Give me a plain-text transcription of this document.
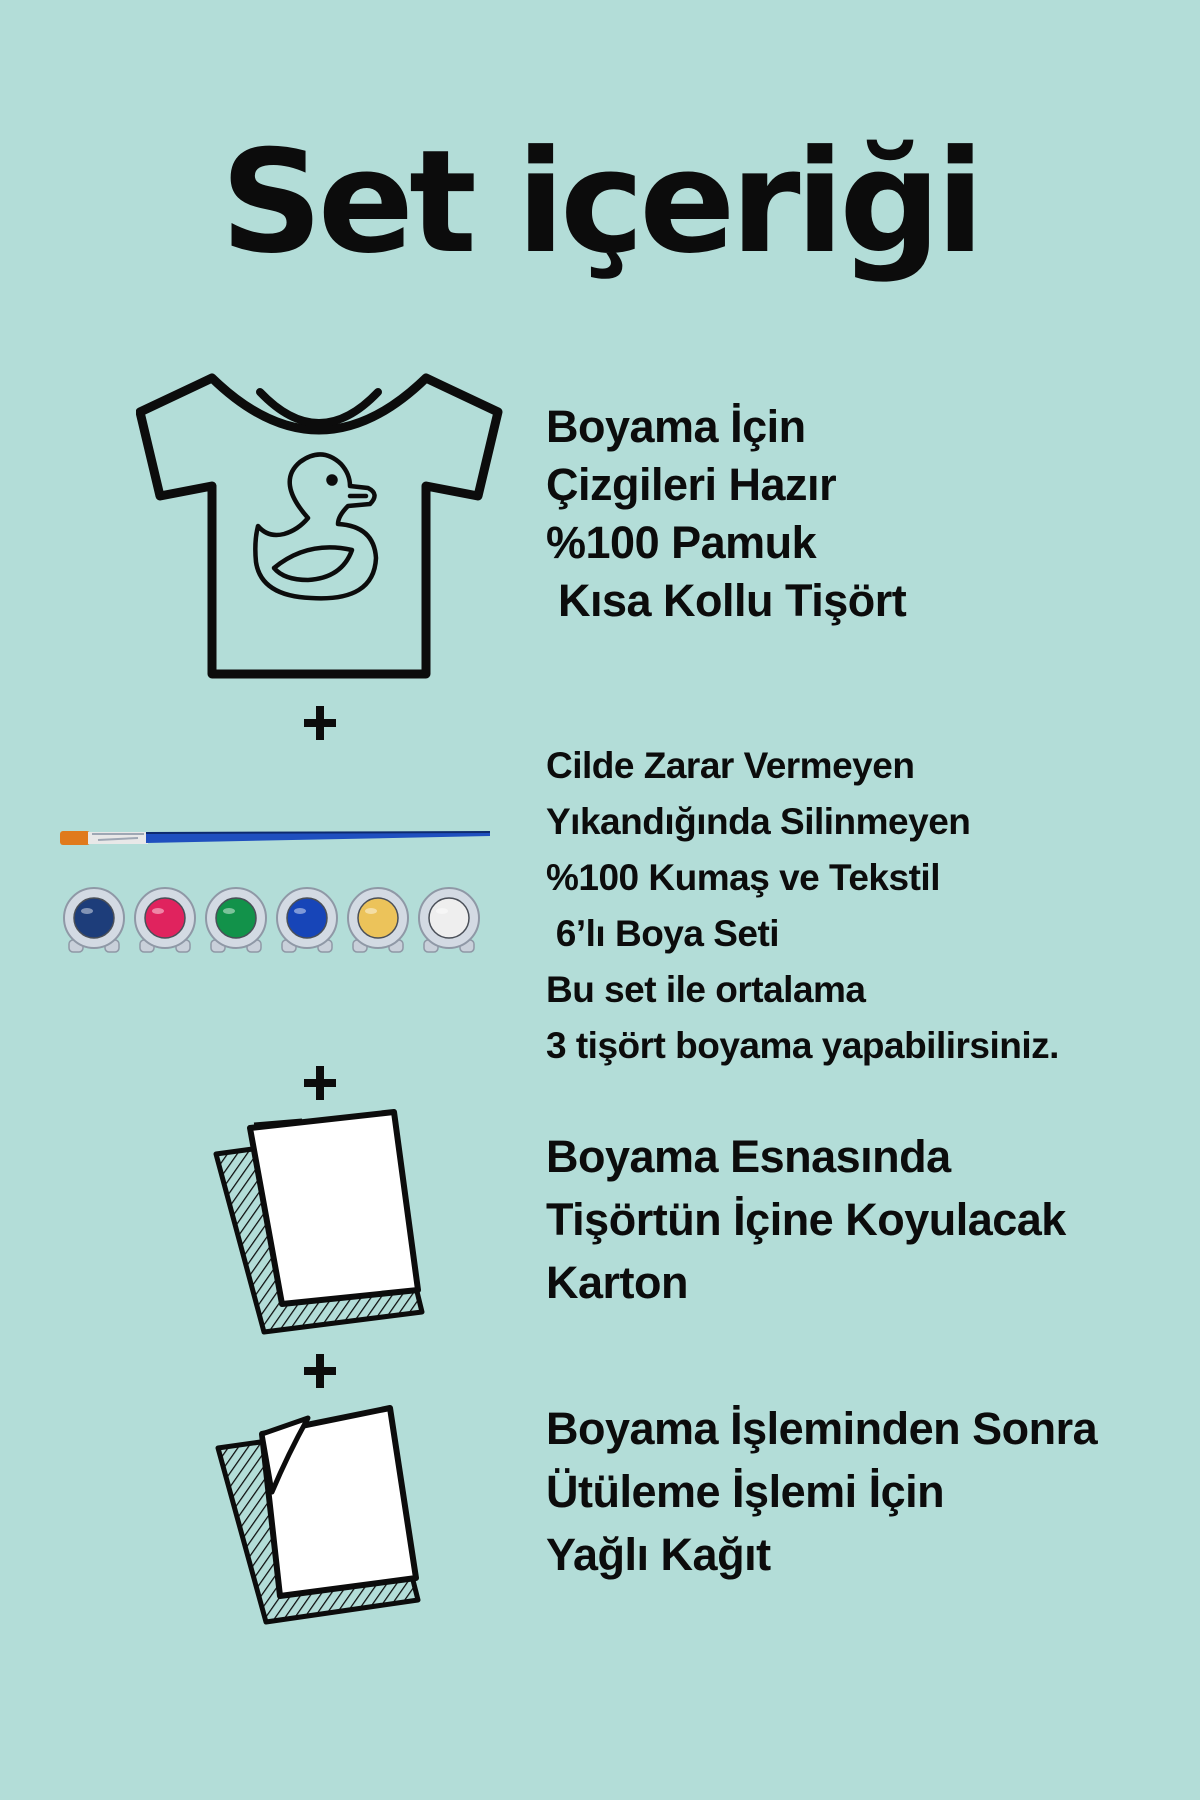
Set içeriği
Boyama İçin
Çizgileri Hazır
%100 Pamuk
Kısa Kollu Tişört
Cilde Zarar Vermeyen
Yıkandığında Silinmeyen
%100 Kumaş ve Tekstil
6’lı Boya Seti
Bu set ile ortalama
3 tişört boyama yapabilirsiniz.
Boyama Esnasında
Tişörtün İçine Koyulacak
Karton
Boyama İşleminden Sonra
Ütüleme İşlemi İçin
Yağlı Kağıt
